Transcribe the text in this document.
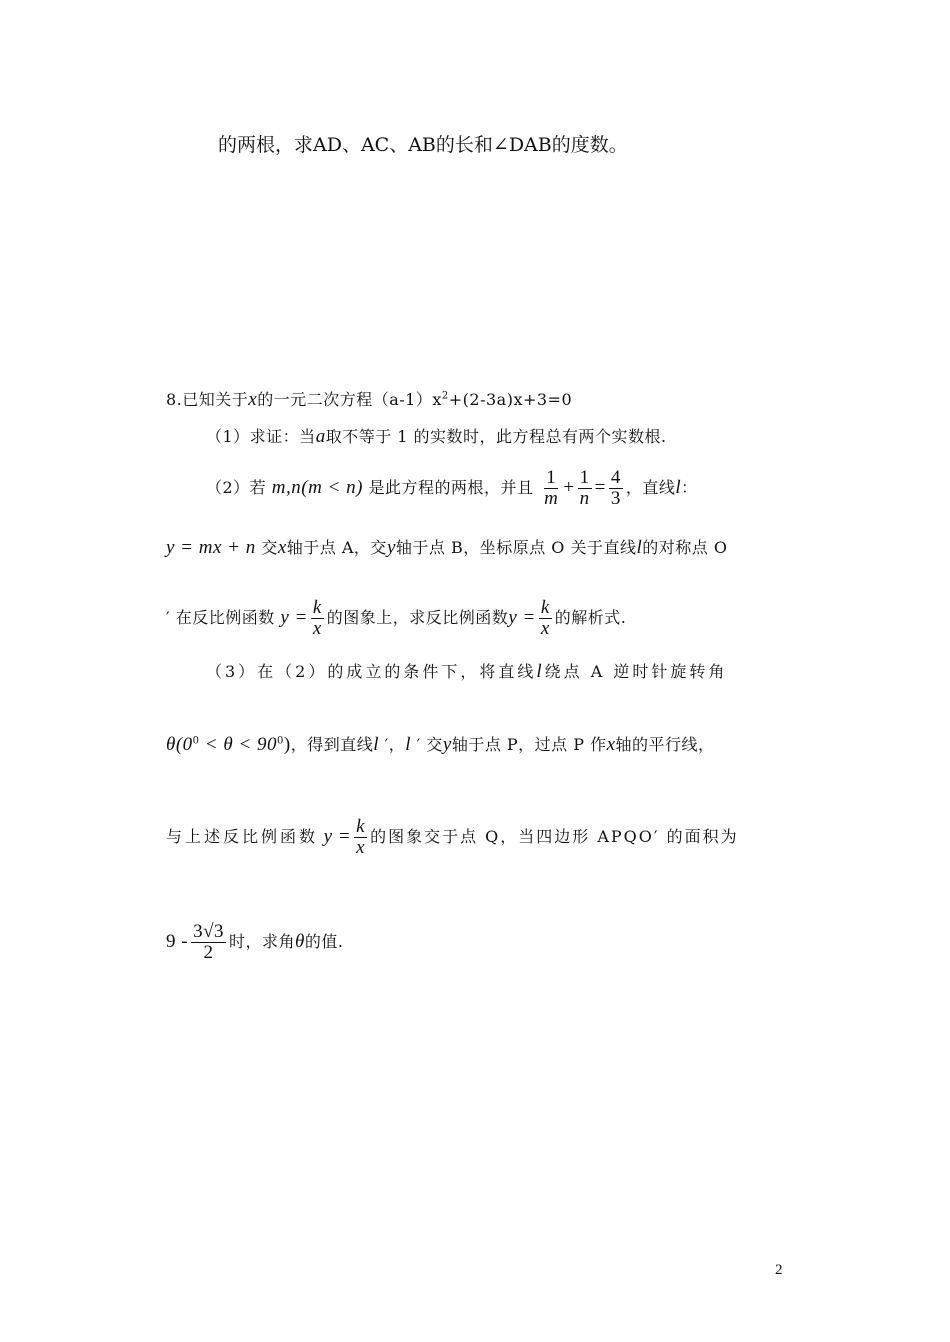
的两根，求AD、AC、AB的长和∠DAB的度数。
8.已知关于x的一元二次方程$(a-1)x^2+(2-3a)x+3=0$
（1）求证：当a取不等于 1 的实数时，此方程总有两个实数根.
（2）若 m,n(m < n) 是此方程的两根，并且 $\frac{1}{m} + \frac{1}{n} = \frac{4}{3}$ ，直线l：
y = mx + n 交x轴于点 A，交y轴于点 B，坐标原点 O 关于直线l的对称点 O
′ 在反比例函数 $y = \frac{k}{x}$ 的图象上，求反比例函数$y = \frac{k}{x}$ 的解析式.
（3）在（2）的成立的条件下，将直线l绕点 A 逆时针旋转角
$\theta(0^0 < \theta < 90^0)$，得到直线l ′，l ′ 交y轴于点 P，过点 P 作x轴的平行线，
与上述反比例函数 $y = \frac{k}{x}$ 的图象交于点 Q，当四边形 APQO′ 的面积为
$9 - \frac{3√3}{2}$ 时，求角θ的值.
2
